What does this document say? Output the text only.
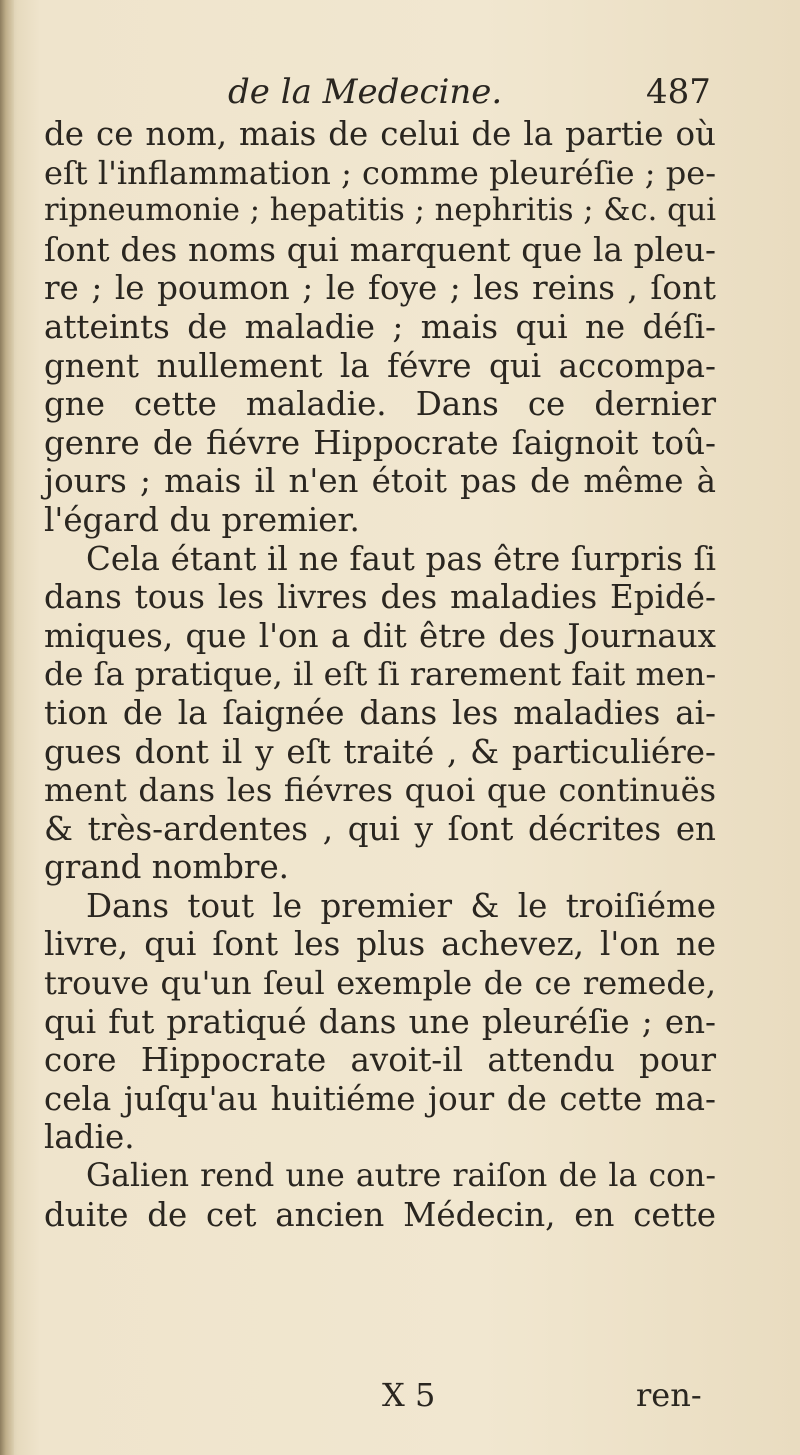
de la Medecine.	487
de ce nom, mais de celui de la partie où
eſt l'inflammation ; comme pleuréſie ; pe-
ripneumonie ; hepatitis ; nephritis ; &c. qui
ſont des noms qui marquent que la pleu-
re ; le poumon ; le foye ; les reins , ſont
atteints de maladie ; mais qui ne déſi-
gnent nullement la févre qui accompa-
gne cette maladie. Dans ce dernier
genre de fiévre Hippocrate ſaignoit toû-
jours ; mais il n'en étoit pas de même à
l'égard du premier.
Cela étant il ne faut pas être ſurpris ſi
dans tous les livres des maladies Epidé-
miques, que l'on a dit être des Journaux
de ſa pratique, il eſt ſi rarement fait men-
tion de la ſaignée dans les maladies ai-
gues dont il y eſt traité , & particuliére-
ment dans les fiévres quoi que continuës
& très-ardentes , qui y ſont décrites en
grand nombre.
Dans tout le premier & le troiſiéme
livre, qui ſont les plus achevez, l'on ne
trouve qu'un ſeul exemple de ce remede,
qui fut pratiqué dans une pleuréſie ; en-
core Hippocrate avoit-il attendu pour
cela juſqu'au huitiéme jour de cette ma-
ladie.
Galien rend une autre raiſon de la con-
duite de cet ancien Médecin, en cette
X 5	ren-
